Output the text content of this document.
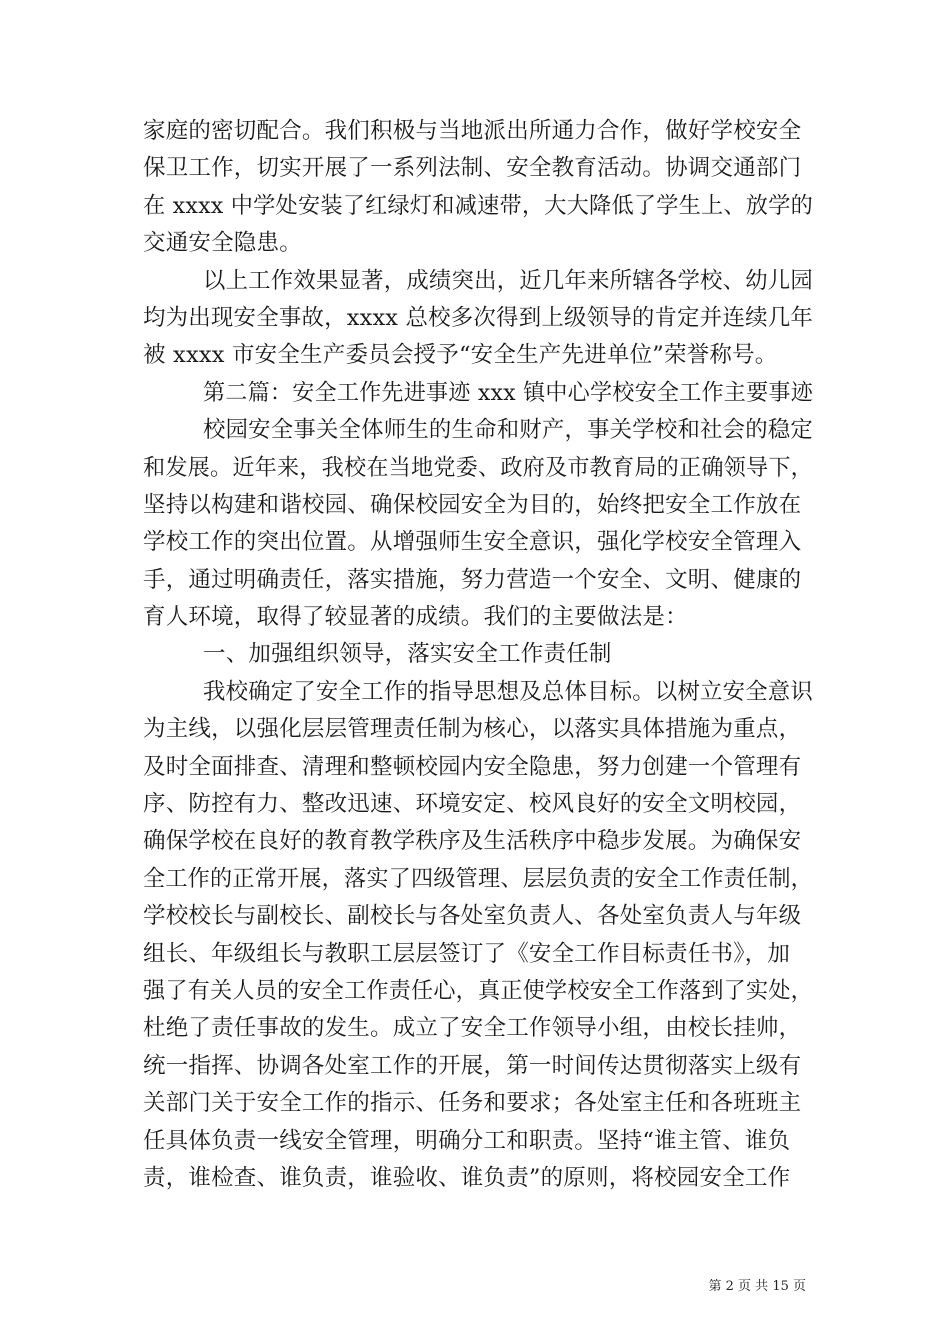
家庭的密切配合。我们积极与当地派出所通力合作，做好学校安全
保卫工作，切实开展了一系列法制、安全教育活动。协调交通部门
在 xxxx 中学处安装了红绿灯和减速带，大大降低了学生上、放学的
交通安全隐患。
以上工作效果显著，成绩突出，近几年来所辖各学校、幼儿园
均为出现安全事故，xxxx 总校多次得到上级领导的肯定并连续几年
被 xxxx 市安全生产委员会授予“安全生产先进单位”荣誉称号。
第二篇：安全工作先进事迹 xxx 镇中心学校安全工作主要事迹
校园安全事关全体师生的生命和财产，事关学校和社会的稳定
和发展。近年来，我校在当地党委、政府及市教育局的正确领导下，
坚持以构建和谐校园、确保校园安全为目的，始终把安全工作放在
学校工作的突出位置。从增强师生安全意识，强化学校安全管理入
手，通过明确责任，落实措施，努力营造一个安全、文明、健康的
育人环境，取得了较显著的成绩。我们的主要做法是：
一、加强组织领导，落实安全工作责任制
我校确定了安全工作的指导思想及总体目标。以树立安全意识
为主线，以强化层层管理责任制为核心，以落实具体措施为重点，
及时全面排查、清理和整顿校园内安全隐患，努力创建一个管理有
序、防控有力、整改迅速、环境安定、校风良好的安全文明校园，
确保学校在良好的教育教学秩序及生活秩序中稳步发展。为确保安
全工作的正常开展，落实了四级管理、层层负责的安全工作责任制，
学校校长与副校长、副校长与各处室负责人、各处室负责人与年级
组长、年级组长与教职工层层签订了《安全工作目标责任书》，加
强了有关人员的安全工作责任心，真正使学校安全工作落到了实处，
杜绝了责任事故的发生。成立了安全工作领导小组，由校长挂帅，
统一指挥、协调各处室工作的开展，第一时间传达贯彻落实上级有
关部门关于安全工作的指示、任务和要求；各处室主任和各班班主
任具体负责一线安全管理，明确分工和职责。坚持“谁主管、谁负
责，谁检查、谁负责，谁验收、谁负责”的原则，将校园安全工作
第 2 页 共 15 页
